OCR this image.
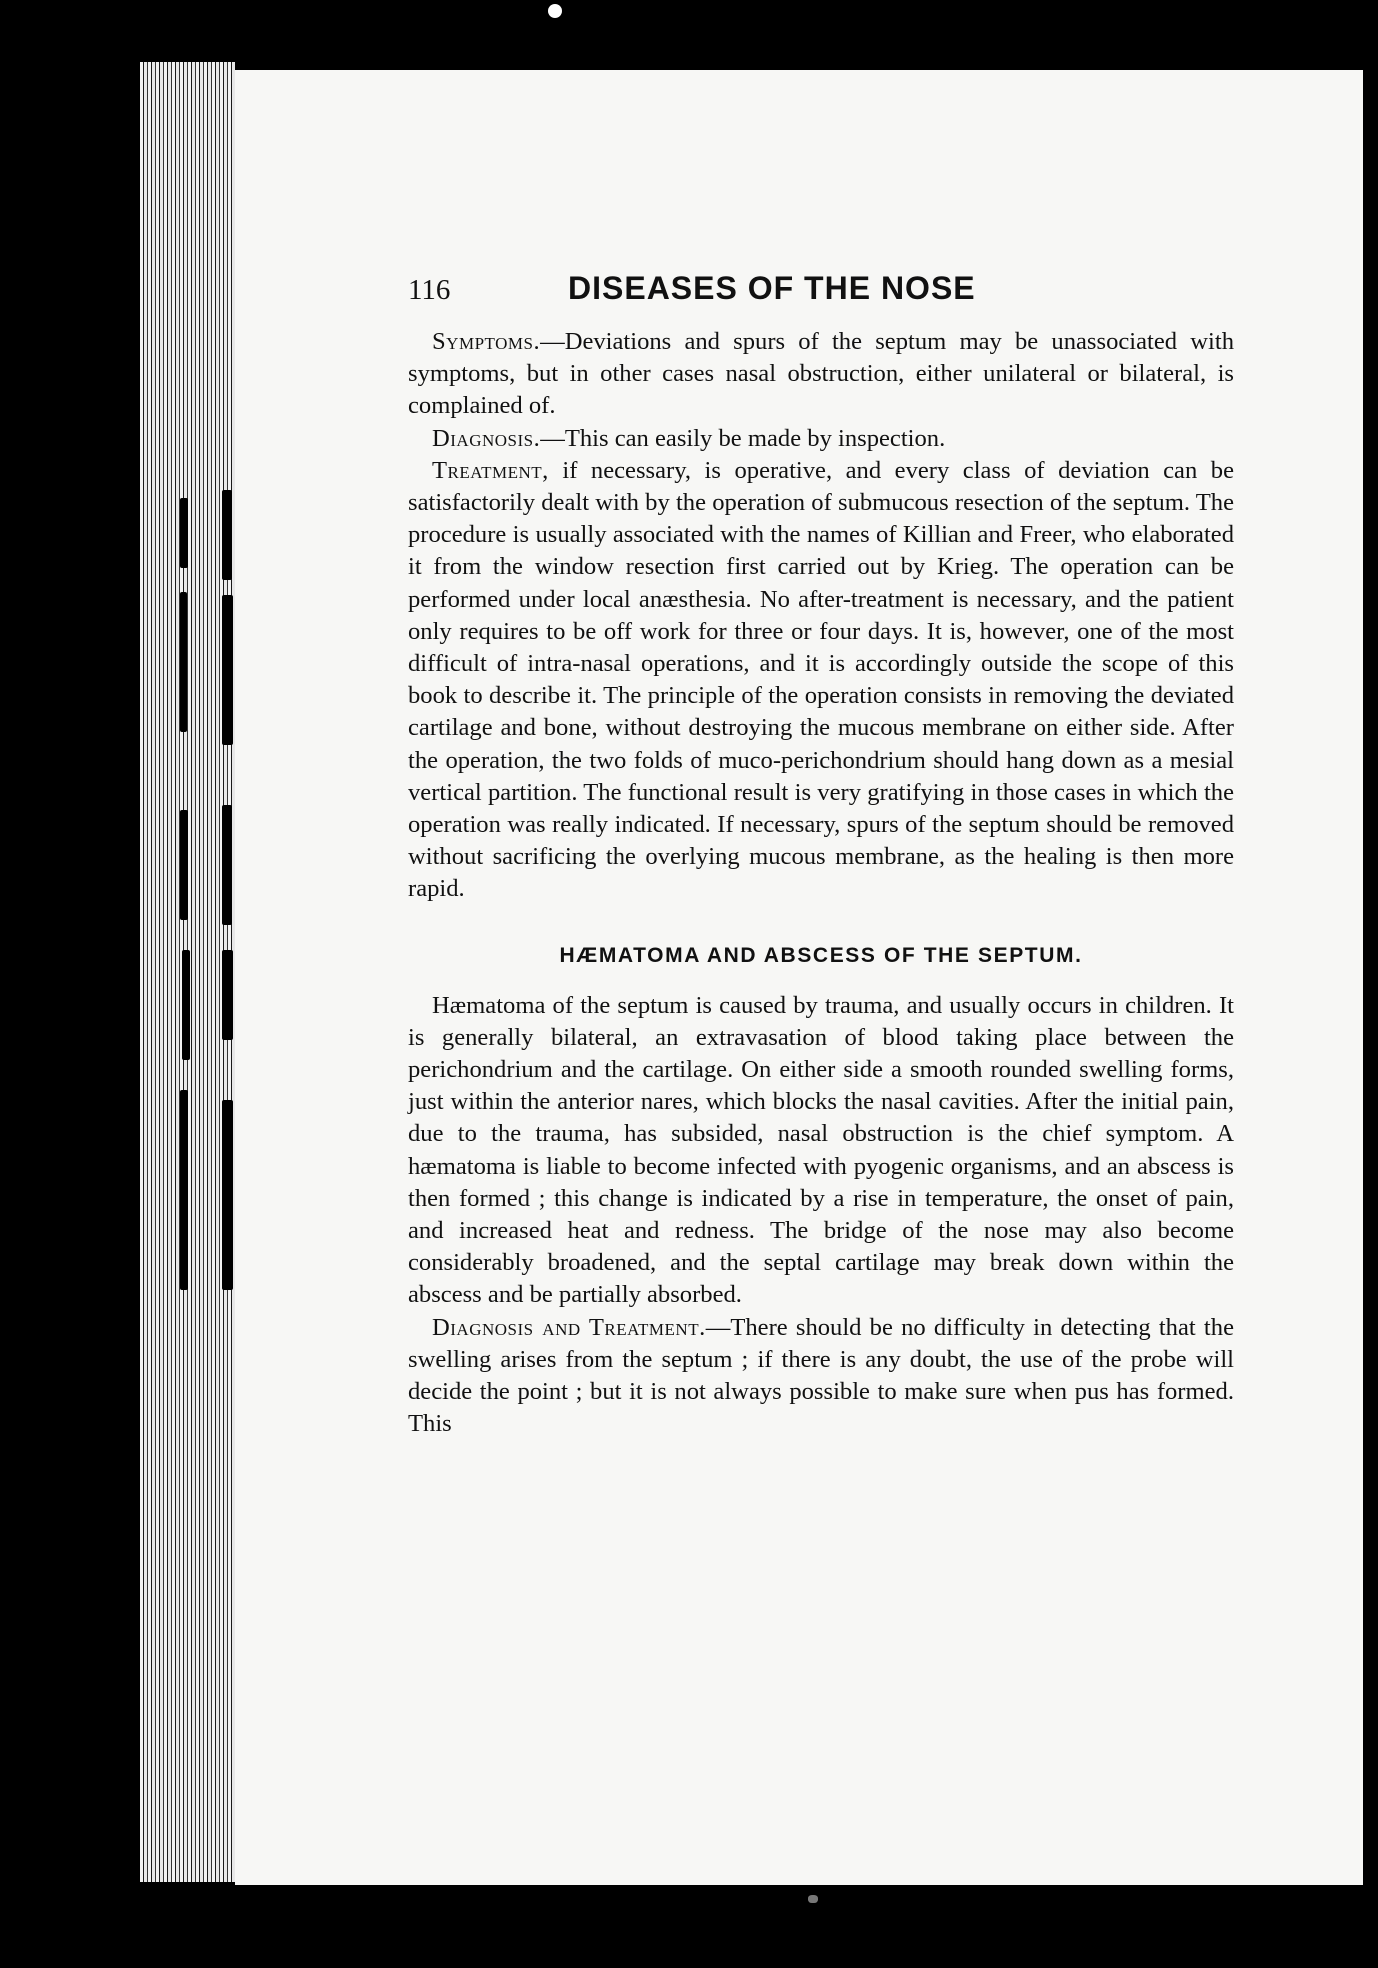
116	DISEASES OF THE NOSE

Symptoms.—Deviations and spurs of the septum may be unassociated with symptoms, but in other cases nasal obstruction, either unilateral or bilateral, is complained of.

Diagnosis.—This can easily be made by inspection.

Treatment, if necessary, is operative, and every class of deviation can be satisfactorily dealt with by the operation of submucous resection of the septum. The procedure is usually associated with the names of Killian and Freer, who elaborated it from the window resection first carried out by Krieg. The operation can be performed under local anæsthesia. No after-treatment is necessary, and the patient only requires to be off work for three or four days. It is, however, one of the most difficult of intra-nasal operations, and it is accordingly outside the scope of this book to describe it. The principle of the operation consists in removing the deviated cartilage and bone, without destroying the mucous membrane on either side. After the operation, the two folds of muco-perichondrium should hang down as a mesial vertical partition. The functional result is very gratifying in those cases in which the operation was really indicated. If necessary, spurs of the septum should be removed without sacrificing the overlying mucous membrane, as the healing is then more rapid.

HÆMATOMA AND ABSCESS OF THE SEPTUM.

Hæmatoma of the septum is caused by trauma, and usually occurs in children. It is generally bilateral, an extravasation of blood taking place between the perichondrium and the cartilage. On either side a smooth rounded swelling forms, just within the anterior nares, which blocks the nasal cavities. After the initial pain, due to the trauma, has subsided, nasal obstruction is the chief symptom. A hæmatoma is liable to become infected with pyogenic organisms, and an abscess is then formed ; this change is indicated by a rise in temperature, the onset of pain, and increased heat and redness. The bridge of the nose may also become considerably broadened, and the septal cartilage may break down within the abscess and be partially absorbed.

Diagnosis and Treatment.—There should be no difficulty in detecting that the swelling arises from the septum ; if there is any doubt, the use of the probe will decide the point ; but it is not always possible to make sure when pus has formed. This
